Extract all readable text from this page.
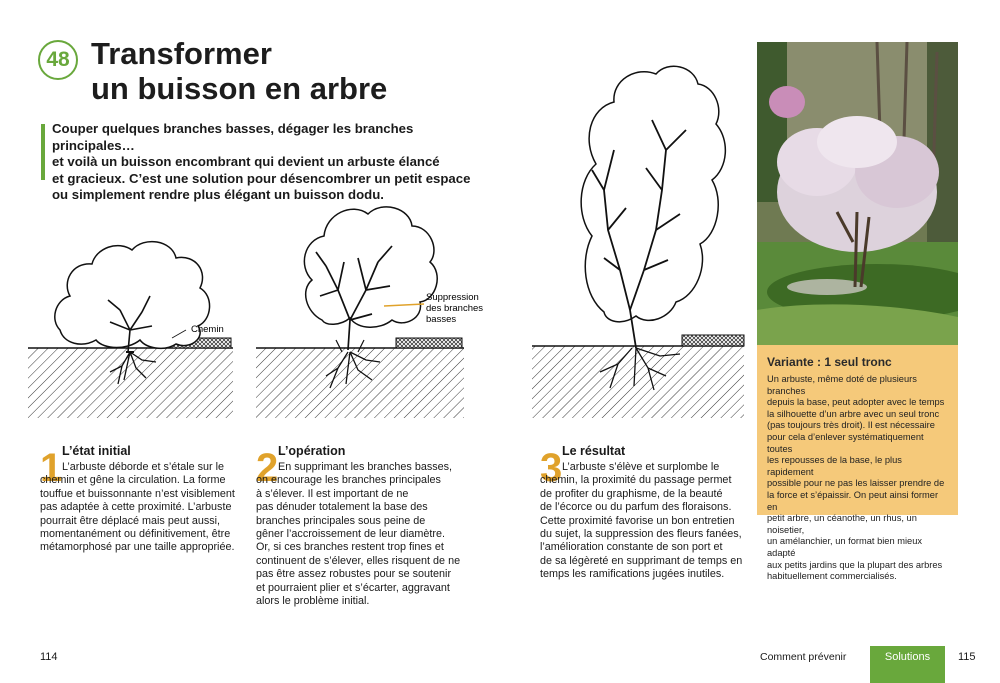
48 Transformer
un buisson en arbre
Couper quelques branches basses, dégager les branches principales…
et voilà un buisson encombrant qui devient un arbuste élancé
et gracieux. C’est une solution pour désencombrer un petit espace
ou simplement rendre plus élégant un buisson dodu.
Chemin
Suppression
des branches
basses
1 L’état initial
L’arbuste déborde et s’étale sur le
chemin et gêne la circulation. La forme
touffue et buissonnante n’est visiblement
pas adaptée à cette proximité. L’arbuste
pourrait être déplacé mais peut aussi,
momentanément ou définitivement, être
métamorphosé par une taille appropriée.
2 L’opération
En supprimant les branches basses,
on encourage les branches principales
à s’élever. Il est important de ne
pas dénuder totalement la base des
branches principales sous peine de
gêner l’accroissement de leur diamètre.
Or, si ces branches restent trop fines et
continuent de s’élever, elles risquent de ne
pas être assez robustes pour se soutenir
et pourraient plier et s’écarter, aggravant
alors le problème initial.
3 Le résultat
L’arbuste s’élève et surplombe le
chemin, la proximité du passage permet
de profiter du graphisme, de la beauté
de l’écorce ou du parfum des floraisons.
Cette proximité favorise un bon entretien
du sujet, la suppression des fleurs fanées,
l’amélioration constante de son port et
de sa légèreté en supprimant de temps en
temps les ramifications jugées inutiles.
Variante : 1 seul tronc
Un arbuste, même doté de plusieurs branches
depuis la base, peut adopter avec le temps
la silhouette d’un arbre avec un seul tronc
(pas toujours très droit). Il est nécessaire
pour cela d’enlever systématiquement toutes
les repousses de la base, le plus rapidement
possible pour ne pas les laisser prendre de
la force et s’épaissir. On peut ainsi former en
petit arbre, un céanothe, un rhus, un noisetier,
un amélanchier, un format bien mieux adapté
aux petits jardins que la plupart des arbres
habituellement commercialisés.
114	Comment prévenir	Solutions	115
